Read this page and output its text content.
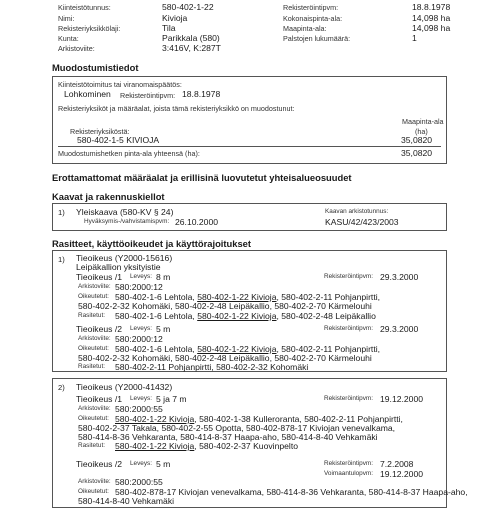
Kiinteistötunnus:	580-402-1-22
Nimi:	Kivioja
Rekisteriyksikkölaji:	Tila
Kunta:	Parikkala (580)
Arkistoviite:	3:416V, K:287T
Rekisteröintipvm:	18.8.1978
Kokonaispinta-ala:	14,098 ha
Maapinta-ala:	14,098 ha
Palstojen lukumäärä:	1
Muodostumistiedot
Kiinteistötoimitus tai viranomaispäätös:
Lohkominen Rekisteröintipvm: 18.8.1978
Rekisteriyksiköt ja määräalat, joista tämä rekisteriyksikkö on muodostunut:
Maapinta-ala
(ha)
Rekisteriyksiköstä:
580-402-1-5 KIVIOJA	35,0820
Muodostumishetken pinta-ala yhteensä (ha):	35,0820
Erottamattomat määräalat ja erillisinä luovutetut yhteisalueosuudet
Kaavat ja rakennuskiellot
1) Yleiskaava (580-KV § 24)
Hyväksymis-/vahvistamispvm: 26.10.2000
Kaavan arkistotunnus:
KASU/42/423/2003
Rasitteet, käyttöoikeudet ja käyttörajoitukset
1) Tieoikeus (Y2000-15616)
Leipäkallion yksityistie
Tieoikeus /1 Leveys: 8 m	Rekisteröintipvm: 29.3.2000
Arkistoviite: 580:2000:12
Oikeutetut: 580-402-1-6 Lehtola, 580-402-1-22 Kivioja, 580-402-2-11 Pohjanpirtti,
580-402-2-32 Kohomäki, 580-402-2-48 Leipäkallio, 580-402-2-70 Kärmelouhi
Rasitetut: 580-402-1-6 Lehtola, 580-402-1-22 Kivioja, 580-402-2-48 Leipäkallio
Tieoikeus /2 Leveys: 5 m	Rekisteröintipvm: 29.3.2000
Arkistoviite: 580:2000:12
Oikeutetut: 580-402-1-6 Lehtola, 580-402-1-22 Kivioja, 580-402-2-11 Pohjanpirtti,
580-402-2-32 Kohomäki, 580-402-2-48 Leipäkallio, 580-402-2-70 Kärmelouhi
Rasitetut: 580-402-2-11 Pohjanpirtti, 580-402-2-32 Kohomäki
2) Tieoikeus (Y2000-41432)
Tieoikeus /1 Leveys: 5 ja 7 m	Rekisteröintipvm: 19.12.2000
Arkistoviite: 580:2000:55
Oikeutetut: 580-402-1-22 Kivioja, 580-402-1-38 Kulleroranta, 580-402-2-11 Pohjanpirtti,
580-402-2-37 Takala, 580-402-2-55 Opotta, 580-402-878-17 Kiviojan venevalkama,
580-414-8-36 Vehkaranta, 580-414-8-37 Haapa-aho, 580-414-8-40 Vehkamäki
Rasitetut: 580-402-1-22 Kivioja, 580-402-2-37 Kuovinpelto
Tieoikeus /2 Leveys: 5 m	Rekisteröintipvm: 7.2.2008
Voimaantulopvm: 19.12.2000
Arkistoviite: 580:2000:55
Oikeutetut: 580-402-878-17 Kiviojan venevalkama, 580-414-8-36 Vehkaranta, 580-414-8-37 Haapa-aho,
580-414-8-40 Vehkamäki
